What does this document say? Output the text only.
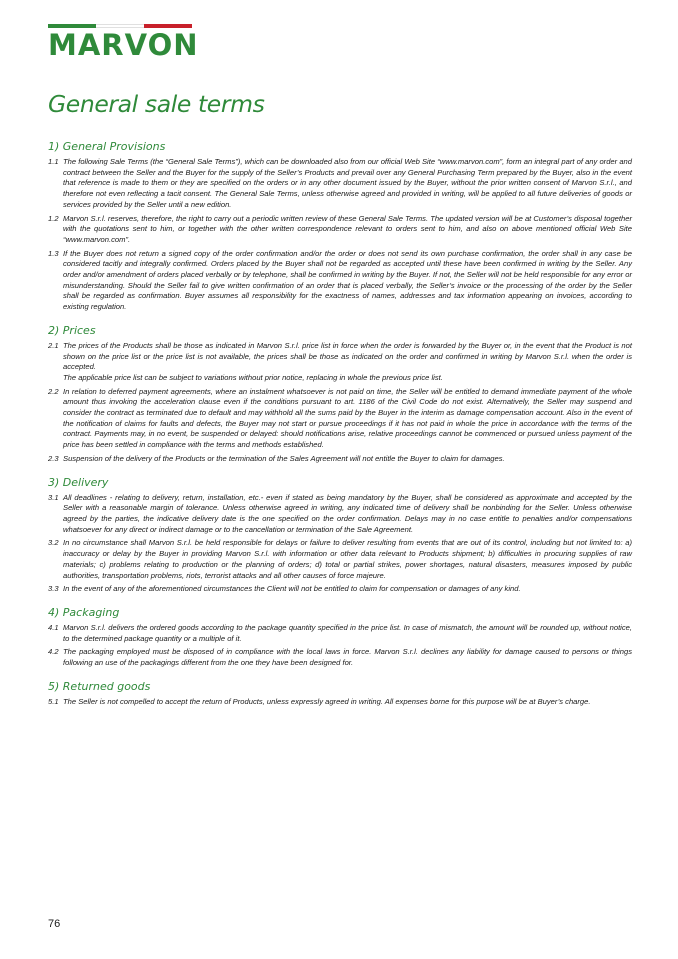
MARVON
General sale terms
1) General Provisions
1.1 The following Sale Terms (the “General Sale Terms”), which can be downloaded also from our official Web Site “www.marvon.com”, form an integral part of any order and contract between the Seller and the Buyer for the supply of the Seller’s Products and prevail over any General Purchasing Term prepared by the Buyer, also in the event that reference is made to them or they are specified on the orders or in any other document issued by the Buyer, without the prior written consent of Marvon S.r.l., and therefore not even reflecting a tacit consent. The General Sale Terms, unless otherwise agreed and provided in writing, will be applied to all future deliveries of goods or services provided by the Seller until a new edition.

1.2 Marvon S.r.l. reserves, therefore, the right to carry out a periodic written review of these General Sale Terms. The updated version will be at Customer’s disposal together with the quotations sent to him, or together with the other written correspondence relevant to orders sent to him, and also on above mentioned official Web Site “www.marvon.com”.

1.3 If the Buyer does not return a signed copy of the order confirmation and/or the order or does not send its own purchase confirmation, the order shall in any case be considered tacitly and integrally confirmed. Orders placed by the Buyer shall not be regarded as accepted until these have been confirmed in writing by the Seller. Any order and/or amendment of orders placed verbally or by telephone, shall be confirmed in writing by the Buyer. If not, the Seller will not be held responsible for any error or misunderstanding. Should the Seller fail to give written confirmation of an order that is placed verbally, the Seller’s invoice or the processing of the order by the Seller shall be regarded as confirmation. Buyer assumes all responsibility for the exactness of names, addresses and tax information appearing on invoices, according to existing regulation.

2) Prices
2.1 The prices of the Products shall be those as indicated in Marvon S.r.l. price list in force when the order is forwarded by the Buyer or, in the event that the Product is not shown on the price list or the price list is not available, the prices shall be those as indicated on the order and confirmed in writing by Marvon S.r.l. when the order is accepted.

The applicable price list can be subject to variations without prior notice, replacing in whole the previous price list.

2.2 In relation to deferred payment agreements, where an instalment whatsoever is not paid on time, the Seller will be entitled to demand immediate payment of the whole amount thus invoking the acceleration clause even if the conditions pursuant to art. 1186 of the Civil Code do not exist. Alternatively, the Seller may suspend and consider the contract as terminated due to default and may withhold all the sums paid by the Buyer in the interim as damage compensation account. Also in the event of the notification of claims for faults and defects, the Buyer may not start or pursue proceedings if it has not paid in whole the price in accordance with the terms of the contract. Payments may, in no event, be suspended or delayed: should notifications arise, relative proceedings cannot be commenced or pursued unless payment of the price has been settled in compliance with the terms and methods established.

2.3 Suspension of the delivery of the Products or the termination of the Sales Agreement will not entitle the Buyer to claim for damages.

3) Delivery
3.1 All deadlines - relating to delivery, return, installation, etc.- even if stated as being mandatory by the Buyer, shall be considered as approximate and accepted by the Seller with a reasonable margin of tolerance. Unless otherwise agreed in writing, any indicated time of delivery shall be nonbinding for the Seller. Unless otherwise agreed by the parties, the indicative delivery date is the one specified on the order confirmation. Delays may in no case entitle to penalties and/or compensations whatsoever for any direct or indirect damage or to the cancellation or termination of the Sale Agreement.

3.2 In no circumstance shall Marvon S.r.l. be held responsible for delays or failure to deliver resulting from events that are out of its control, including but not limited to: a) inaccuracy or delay by the Buyer in providing Marvon S.r.l. with information or other data relevant to Products shipment; b) difficulties in procuring supplies of raw materials; c) problems relating to production or the planning of orders; d) total or partial strikes, power shortages, natural disasters, measures imposed by public authorities, transportation problems, riots, terrorist attacks and all other causes of force majeure.

3.3 In the event of any of the aforementioned circumstances the Client will not be entitled to claim for compensation or damages of any kind.

4) Packaging
4.1 Marvon S.r.l. delivers the ordered goods according to the package quantity specified in the price list. In case of mismatch, the amount will be rounded up, without notice, to the determined package quantity or a multiple of it.

4.2 The packaging employed must be disposed of in compliance with the local laws in force. Marvon S.r.l. declines any liability for damage caused to persons or things following an use of the packagings different from the one they have been designed for.

5) Returned goods
5.1 The Seller is not compelled to accept the return of Products, unless expressly agreed in writing. All expenses borne for this purpose will be at Buyer’s charge.

76
